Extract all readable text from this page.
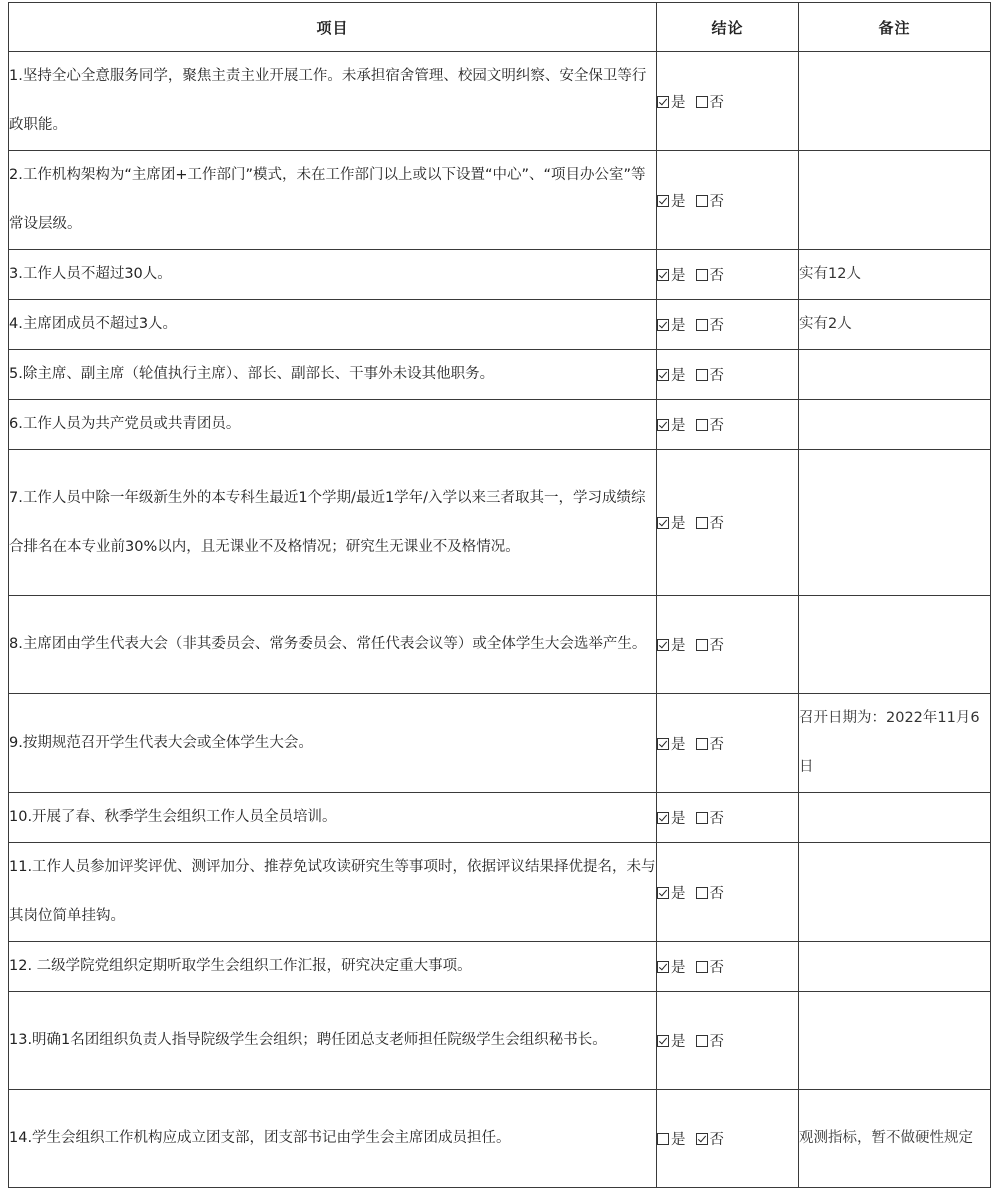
项目	结论	备注
1.坚持全心全意服务同学，聚焦主责主业开展工作。未承担宿舍管理、校园文明纠察、安全保卫等行政职能。	是 否	
2.工作机构架构为“主席团+工作部门”模式，未在工作部门以上或以下设置“中心”、“项目办公室”等常设层级。	是 否	
3.工作人员不超过30人。	是 否	实有12人
4.主席团成员不超过3人。	是 否	实有2人
5.除主席、副主席（轮值执行主席）、部长、副部长、干事外未设其他职务。	是 否	
6.工作人员为共产党员或共青团员。	是 否	
7.工作人员中除一年级新生外的本专科生最近1个学期/最近1学年/入学以来三者取其一，学习成绩综合排名在本专业前30%以内，且无课业不及格情况；研究生无课业不及格情况。	是 否	
8.主席团由学生代表大会（非其委员会、常务委员会、常任代表会议等）或全体学生大会选举产生。	是 否	
9.按期规范召开学生代表大会或全体学生大会。	是 否	召开日期为：2022年11月6日
10.开展了春、秋季学生会组织工作人员全员培训。	是 否	
11.工作人员参加评奖评优、测评加分、推荐免试攻读研究生等事项时，依据评议结果择优提名，未与其岗位简单挂钩。	是 否	
12. 二级学院党组织定期听取学生会组织工作汇报，研究决定重大事项。	是 否	
13.明确1名团组织负责人指导院级学生会组织；聘任团总支老师担任院级学生会组织秘书长。	是 否	
14.学生会组织工作机构应成立团支部，团支部书记由学生会主席团成员担任。	是 否	观测指标，暂不做硬性规定
